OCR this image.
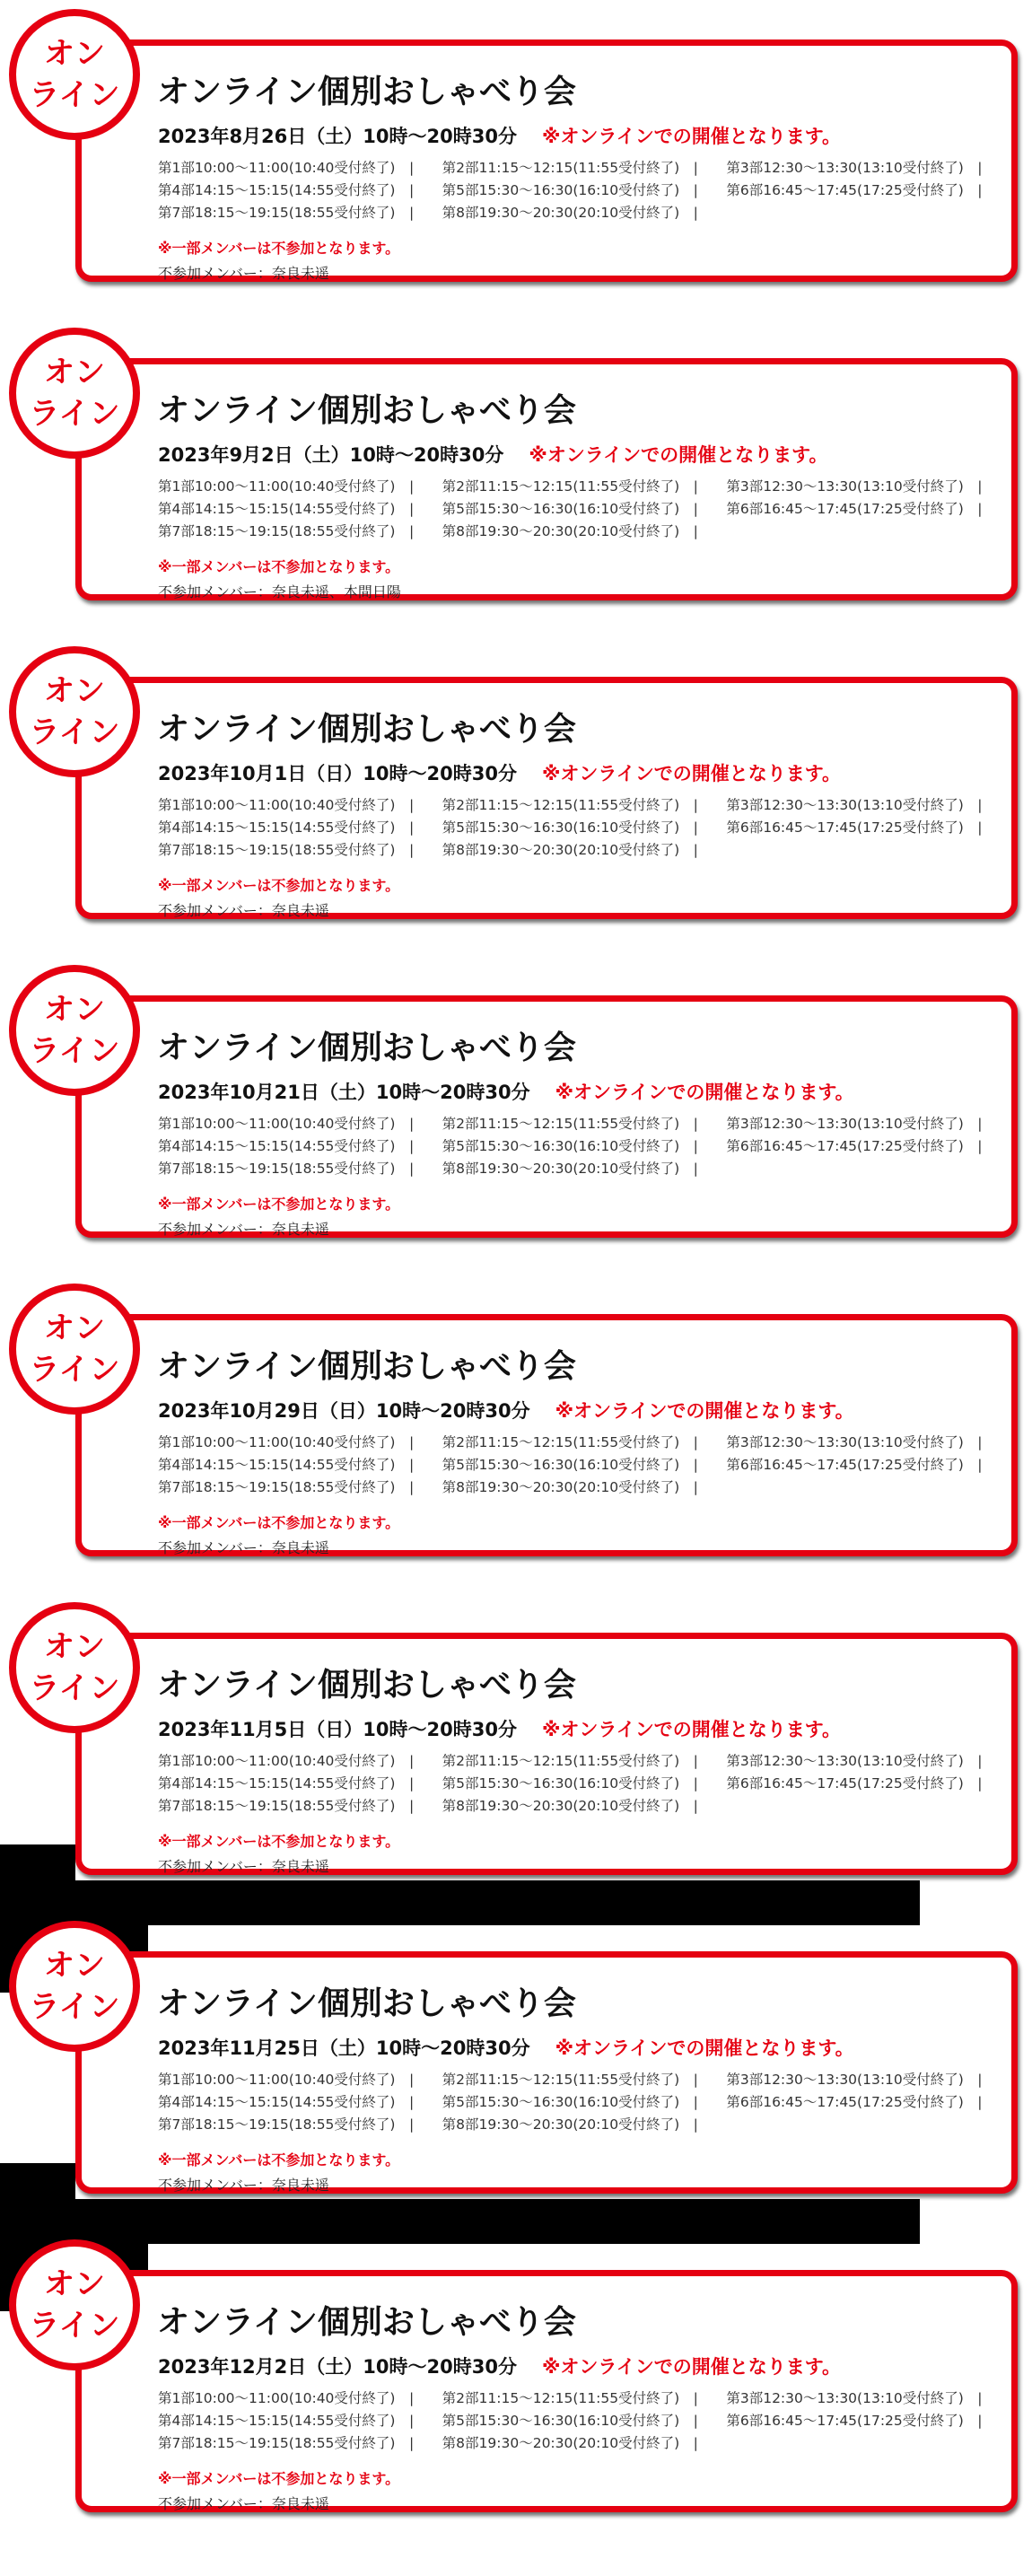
オン
ライン オンライン個別おしゃべり会
2023年8月26日（土）10時〜20時30分 ※オンラインでの開催となります。
第1部10:00〜11:00(10:40受付終了)　|	第2部11:15〜12:15(11:55受付終了)　|	第3部12:30〜13:30(13:10受付終了)　|
第4部14:15〜15:15(14:55受付終了)　|	第5部15:30〜16:30(16:10受付終了)　|	第6部16:45〜17:45(17:25受付終了)　|
第7部18:15〜19:15(18:55受付終了)　|	第8部19:30〜20:30(20:10受付終了)　|
※一部メンバーは不参加となります。
不参加メンバー：奈良未遥
オン
ライン オンライン個別おしゃべり会
2023年9月2日（土）10時〜20時30分 ※オンラインでの開催となります。
第1部10:00〜11:00(10:40受付終了)　|	第2部11:15〜12:15(11:55受付終了)　|	第3部12:30〜13:30(13:10受付終了)　|
第4部14:15〜15:15(14:55受付終了)　|	第5部15:30〜16:30(16:10受付終了)　|	第6部16:45〜17:45(17:25受付終了)　|
第7部18:15〜19:15(18:55受付終了)　|	第8部19:30〜20:30(20:10受付終了)　|
※一部メンバーは不参加となります。
不参加メンバー：奈良未遥、本間日陽
オン
ライン オンライン個別おしゃべり会
2023年10月1日（日）10時〜20時30分 ※オンラインでの開催となります。
第1部10:00〜11:00(10:40受付終了)　|	第2部11:15〜12:15(11:55受付終了)　|	第3部12:30〜13:30(13:10受付終了)　|
第4部14:15〜15:15(14:55受付終了)　|	第5部15:30〜16:30(16:10受付終了)　|	第6部16:45〜17:45(17:25受付終了)　|
第7部18:15〜19:15(18:55受付終了)　|	第8部19:30〜20:30(20:10受付終了)　|
※一部メンバーは不参加となります。
不参加メンバー：奈良未遥
オン
ライン オンライン個別おしゃべり会
2023年10月21日（土）10時〜20時30分 ※オンラインでの開催となります。
第1部10:00〜11:00(10:40受付終了)　|	第2部11:15〜12:15(11:55受付終了)　|	第3部12:30〜13:30(13:10受付終了)　|
第4部14:15〜15:15(14:55受付終了)　|	第5部15:30〜16:30(16:10受付終了)　|	第6部16:45〜17:45(17:25受付終了)　|
第7部18:15〜19:15(18:55受付終了)　|	第8部19:30〜20:30(20:10受付終了)　|
※一部メンバーは不参加となります。
不参加メンバー：奈良未遥
オン
ライン オンライン個別おしゃべり会
2023年10月29日（日）10時〜20時30分 ※オンラインでの開催となります。
第1部10:00〜11:00(10:40受付終了)　|	第2部11:15〜12:15(11:55受付終了)　|	第3部12:30〜13:30(13:10受付終了)　|
第4部14:15〜15:15(14:55受付終了)　|	第5部15:30〜16:30(16:10受付終了)　|	第6部16:45〜17:45(17:25受付終了)　|
第7部18:15〜19:15(18:55受付終了)　|	第8部19:30〜20:30(20:10受付終了)　|
※一部メンバーは不参加となります。
不参加メンバー：奈良未遥
オン
ライン オンライン個別おしゃべり会
2023年11月5日（日）10時〜20時30分 ※オンラインでの開催となります。
第1部10:00〜11:00(10:40受付終了)　|	第2部11:15〜12:15(11:55受付終了)　|	第3部12:30〜13:30(13:10受付終了)　|
第4部14:15〜15:15(14:55受付終了)　|	第5部15:30〜16:30(16:10受付終了)　|	第6部16:45〜17:45(17:25受付終了)　|
第7部18:15〜19:15(18:55受付終了)　|	第8部19:30〜20:30(20:10受付終了)　|
※一部メンバーは不参加となります。
不参加メンバー：奈良未遥
オン
ライン オンライン個別おしゃべり会
2023年11月25日（土）10時〜20時30分 ※オンラインでの開催となります。
第1部10:00〜11:00(10:40受付終了)　|	第2部11:15〜12:15(11:55受付終了)　|	第3部12:30〜13:30(13:10受付終了)　|
第4部14:15〜15:15(14:55受付終了)　|	第5部15:30〜16:30(16:10受付終了)　|	第6部16:45〜17:45(17:25受付終了)　|
第7部18:15〜19:15(18:55受付終了)　|	第8部19:30〜20:30(20:10受付終了)　|
※一部メンバーは不参加となります。
不参加メンバー：奈良未遥
オン
ライン オンライン個別おしゃべり会
2023年12月2日（土）10時〜20時30分 ※オンラインでの開催となります。
第1部10:00〜11:00(10:40受付終了)　|	第2部11:15〜12:15(11:55受付終了)　|	第3部12:30〜13:30(13:10受付終了)　|
第4部14:15〜15:15(14:55受付終了)　|	第5部15:30〜16:30(16:10受付終了)　|	第6部16:45〜17:45(17:25受付終了)　|
第7部18:15〜19:15(18:55受付終了)　|	第8部19:30〜20:30(20:10受付終了)　|
※一部メンバーは不参加となります。
不参加メンバー：奈良未遥
